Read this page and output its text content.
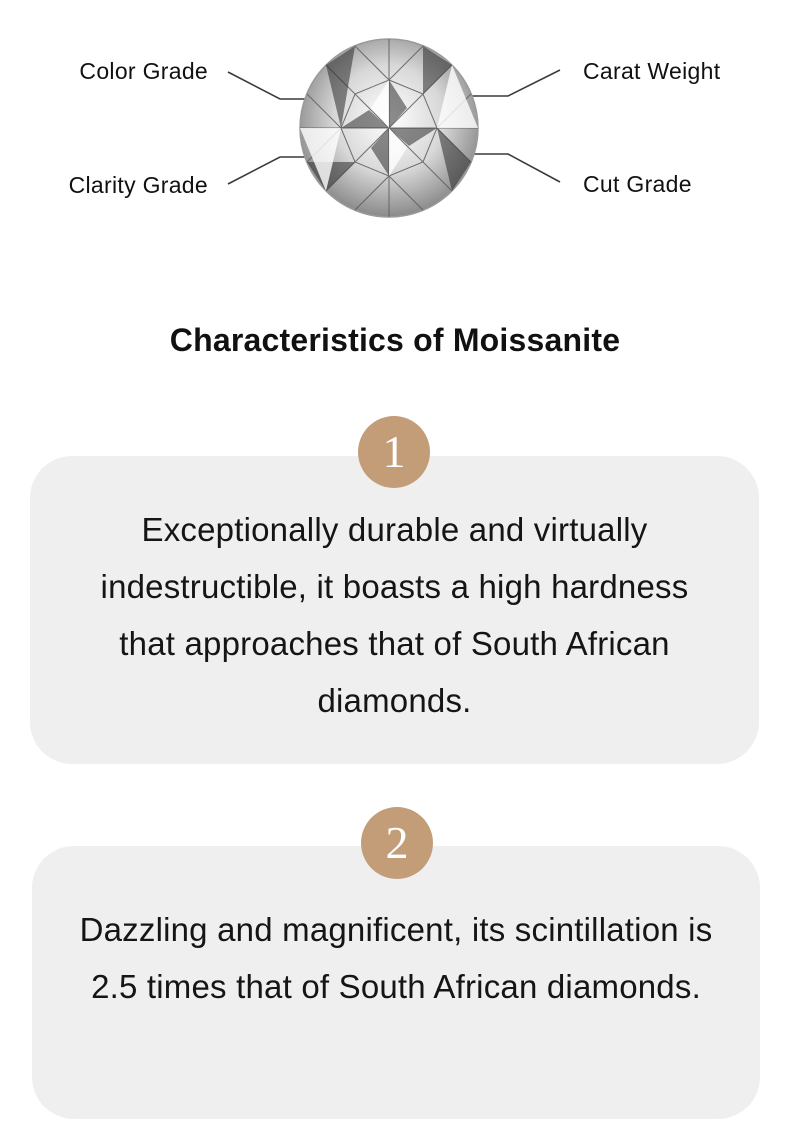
Color Grade
Clarity Grade
Carat Weight
Cut Grade
Characteristics of Moissanite
1

Exceptionally durable and virtually indestructible, it boasts a high hardness that approaches that of South African diamonds.

2

Dazzling and magnificent, its scintillation is 2.5 times that of South African diamonds.
